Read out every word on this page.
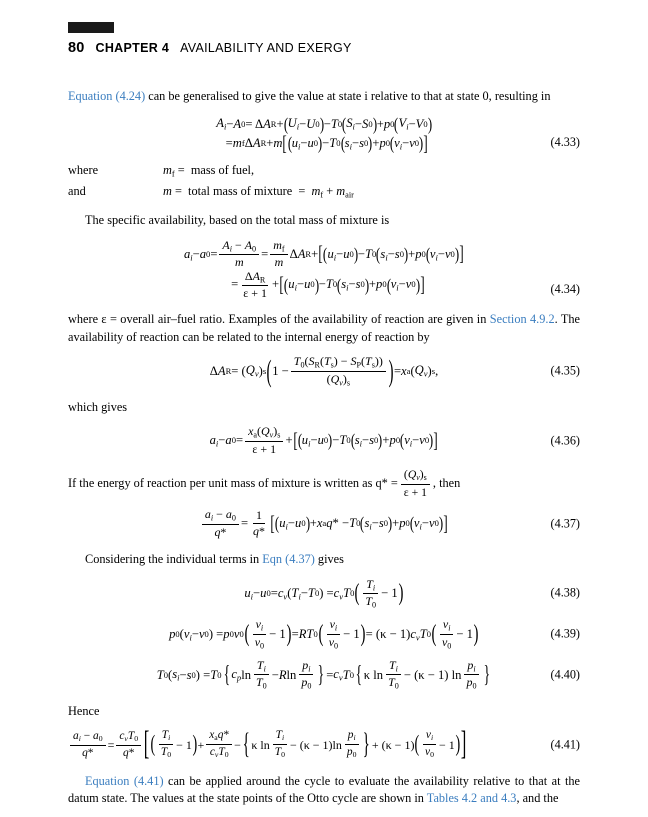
80 CHAPTER 4 AVAILABILITY AND EXERGY

Equation (4.24) can be generalised to give the value at state i relative to that at state 0, resulting in

$A_i - A$ 0 = Δ A R + ( $U_i - U$ 0 ) − T 0 ( $S_i - S$ 0 ) + p 0 ( $V_i - V$ 0 )
= m f Δ A R + m [ ( $u_i - u$ 0 ) − T 0 ( $s_i - s$ 0 ) + p 0 ( $v_i - v$ 0 ) ]	(4.33)
where	$m_f$ =  mass of fuel,
and	m =  total mass of mixture  =  $m_f + m_{air}$

The specific availability, based on the total mass of mixture is

$a_i - a$ $0 = \frac{A_i - A_0}{m} = \frac{m_f}{m}$ Δ A R + [ ( $u_i - u$ 0 ) − T 0 ( $s_i - s$ 0 ) + p 0 ( $v_i - v$ 0 ) ]
= $\frac{\Delta A_R}{\varepsilon + 1}$ + [ ( $u_i - u$ 0 ) − T 0 ( $s_i - s$ 0 ) + p 0 ( $v_i - v$ 0 ) ]	(4.34)

where ε = overall air–fuel ratio. Examples of the availability of reaction are given in Section 4.9.2. The availability of reaction can be related to the internal energy of reaction by

Δ A R = ( $Q_v$ ) s ( $1 - \frac{T_0(S_R(T_s) - S_P(T_s))}{(Q_v)_s}$ ) = x a ( $Q_v$ ) s ,	(4.35)

which gives

$a_i - a$ $0 = \frac{x_a(Q_v)_s}{\varepsilon + 1}$ + [ ( $u_i - u$ 0 ) − T 0 ( $s_i - s$ 0 ) + p 0 ( $v_i - v$ 0 ) ]	(4.36)

If the energy of reaction per unit mass of mixture is written as $q* = \frac{(Q_v)_s}{\varepsilon + 1}$ , then

$\frac{a_i - a_0}{q*} = \frac{1}{q*}$ [ ( $u_i - u$ 0 ) + x a q * − T 0 ( $s_i - s$ 0 ) + p 0 ( $v_i - v$ 0 ) ]	(4.37)

Considering the individual terms in Eqn (4.37) gives

$u_i - u$ $0 = c_v$ ( $T_i - T$ 0 ) = $c_v$ T 0 ( $\frac{T_i}{T_0} - 1$ )	(4.38)
p 0 ( $v_i - v$ 0 ) = p 0 v 0 ( $\frac{v_i}{v_0} - 1$ ) = RT 0 ( $\frac{v_i}{v_0} - 1$ ) = (κ − 1) $c_v$ T 0 ( $\frac{v_i}{v_0} - 1$ )	(4.39)
T 0 ( $s_i - s$ 0 ) = T 0 { $c_p$ $\ln \frac{T_i}{T_0} - R$ $\ln \frac{p_i}{p_0}$ } = $c_v$ T 0 { κ $\ln \frac{T_i}{T_0} - (\kappa - 1)$ $\ln \frac{p_i}{p_0}$ }	(4.40)

Hence

$\frac{a_i - a_0}{q*} = \frac{c_vT_0}{q*}$ [ ( $\frac{T_i}{T_0} - 1$ ) + $\frac{x_aq*}{c_vT_0}$ − { κ $\ln \frac{T_i}{T_0} - (\kappa - 1)\ln \frac{p_i}{p_0}$ } + (κ − 1) ( $\frac{v_i}{v_0} - 1$ ) ]	(4.41)

Equation (4.41) can be applied around the cycle to evaluate the availability relative to that at the datum state. The values at the state points of the Otto cycle are shown in Tables 4.2 and 4.3, and the
